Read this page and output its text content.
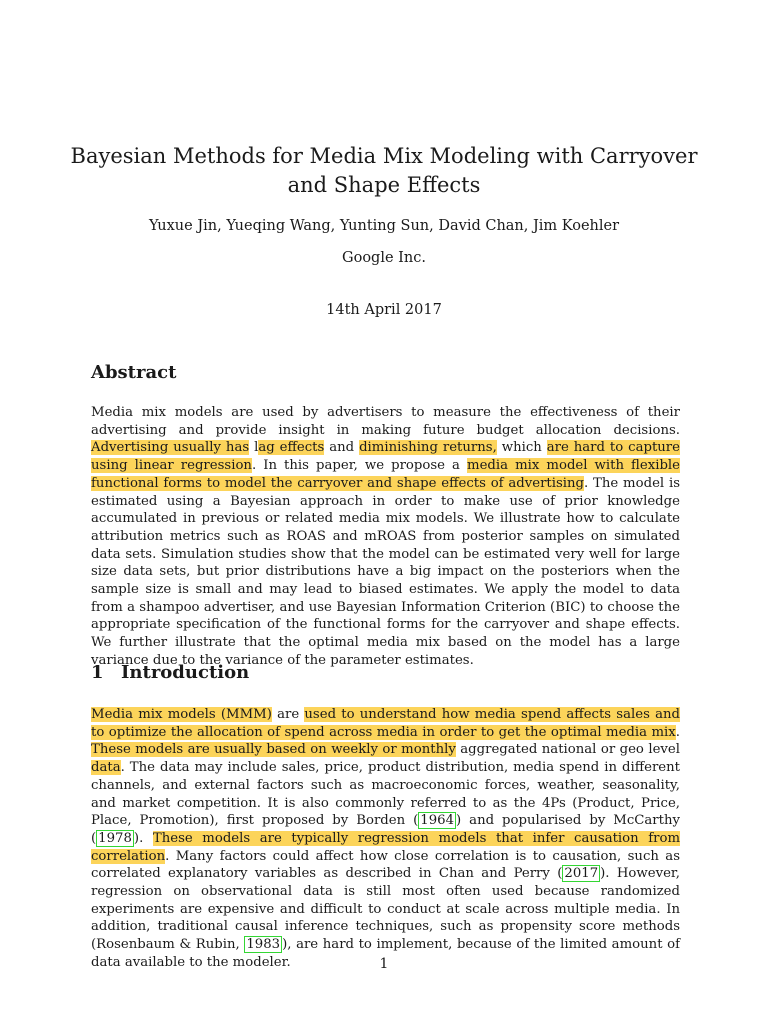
Bayesian Methods for Media Mix Modeling with Carryover and Shape Effects
Yuxue Jin, Yueqing Wang, Yunting Sun, David Chan, Jim Koehler
Google Inc.
14th April 2017
Abstract
Media mix models are used by advertisers to measure the effectiveness of their advertising and provide insight in making future budget allocation decisions. Advertising usually has lag effects and diminishing returns, which are hard to capture using linear regression. In this paper, we propose a media mix model with flexible functional forms to model the carryover and shape effects of advertising. The model is estimated using a Bayesian approach in order to make use of prior knowledge accumulated in previous or related media mix models. We illustrate how to calculate attribution metrics such as ROAS and mROAS from posterior samples on simulated data sets. Simulation studies show that the model can be estimated very well for large size data sets, but prior distributions have a big impact on the posteriors when the sample size is small and may lead to biased estimates. We apply the model to data from a shampoo advertiser, and use Bayesian Information Criterion (BIC) to choose the appropriate specification of the functional forms for the carryover and shape effects. We further illustrate that the optimal media mix based on the model has a large variance due to the variance of the parameter estimates.
1 Introduction
Media mix models (MMM) are used to understand how media spend affects sales and to optimize the allocation of spend across media in order to get the optimal media mix. These models are usually based on weekly or monthly aggregated national or geo level data. The data may include sales, price, product distribution, media spend in different channels, and external factors such as macroeconomic forces, weather, seasonality, and market competition. It is also commonly referred to as the 4Ps (Product, Price, Place, Promotion), first proposed by Borden ( 1964 ) and popularised by McCarthy ( 1978 ). These models are typically regression models that infer causation from correlation. Many factors could affect how close correlation is to causation, such as correlated explanatory variables as described in Chan and Perry ( 2017 ). However, regression on observational data is still most often used because randomized experiments are expensive and difficult to conduct at scale across multiple media. In addition, traditional causal inference techniques, such as propensity score methods (Rosenbaum & Rubin, 1983 ), are hard to implement, because of the limited amount of data available to the modeler.	1
